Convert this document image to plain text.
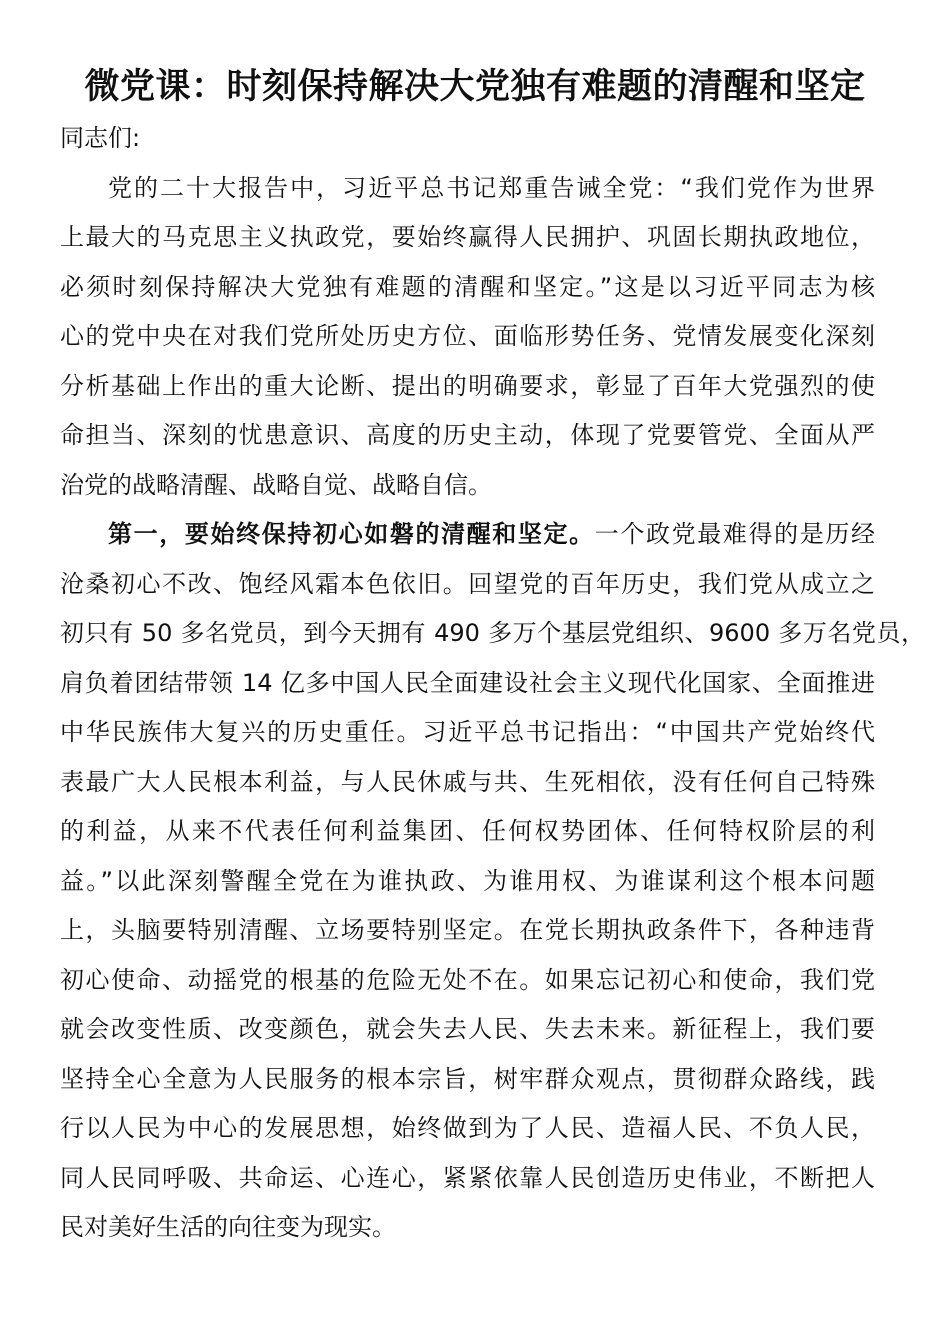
微党课：时刻保持解决大党独有难题的清醒和坚定
同志们:
党的二十大报告中，习近平总书记郑重告诫全党：“我们党作为世界
上最大的马克思主义执政党，要始终赢得人民拥护、巩固长期执政地位，
必须时刻保持解决大党独有难题的清醒和坚定。”这是以习近平同志为核
心的党中央在对我们党所处历史方位、面临形势任务、党情发展变化深刻
分析基础上作出的重大论断、提出的明确要求，彰显了百年大党强烈的使
命担当、深刻的忧患意识、高度的历史主动，体现了党要管党、全面从严
治党的战略清醒、战略自觉、战略自信。
第一，要始终保持初心如磐的清醒和坚定。一个政党最难得的是历经
沧桑初心不改、饱经风霜本色依旧。回望党的百年历史，我们党从成立之
初只有 50 多名党员，到今天拥有 490 多万个基层党组织、9600 多万名党员，
肩负着团结带领 14 亿多中国人民全面建设社会主义现代化国家、全面推进
中华民族伟大复兴的历史重任。习近平总书记指出：“中国共产党始终代
表最广大人民根本利益，与人民休戚与共、生死相依，没有任何自己特殊
的利益，从来不代表任何利益集团、任何权势团体、任何特权阶层的利
益。”以此深刻警醒全党在为谁执政、为谁用权、为谁谋利这个根本问题
上，头脑要特别清醒、立场要特别坚定。在党长期执政条件下，各种违背
初心使命、动摇党的根基的危险无处不在。如果忘记初心和使命，我们党
就会改变性质、改变颜色，就会失去人民、失去未来。新征程上，我们要
坚持全心全意为人民服务的根本宗旨，树牢群众观点，贯彻群众路线，践
行以人民为中心的发展思想，始终做到为了人民、造福人民、不负人民，
同人民同呼吸、共命运、心连心，紧紧依靠人民创造历史伟业，不断把人
民对美好生活的向往变为现实。
